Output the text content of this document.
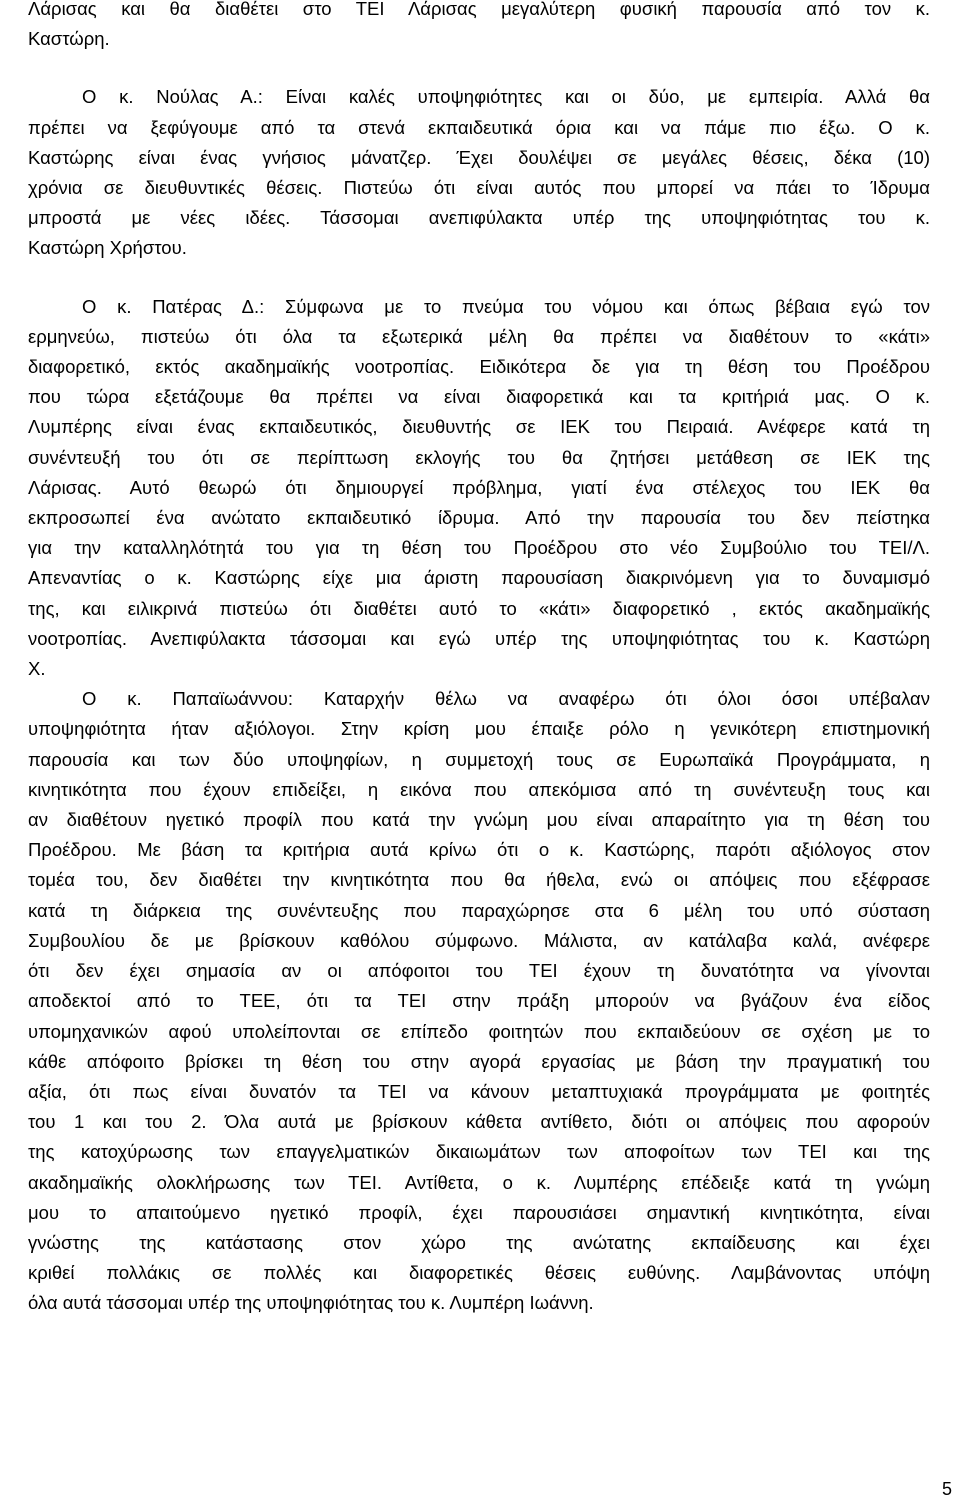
Λάρισας και θα διαθέτει στο ΤΕΙ Λάρισας μεγαλύτερη φυσική παρουσία από τον κ.
Καστώρη.

Ο κ. Νούλας Α.: Είναι καλές υποψηφιότητες και οι δύο, με εμπειρία. Αλλά θα
πρέπει να ξεφύγουμε από τα στενά εκπαιδευτικά όρια και να πάμε πιο έξω. Ο κ.
Καστώρης είναι ένας γνήσιος μάνατζερ. Έχει δουλέψει σε μεγάλες θέσεις, δέκα (10)
χρόνια σε διευθυντικές θέσεις. Πιστεύω ότι είναι αυτός που μπορεί να πάει το Ίδρυμα
μπροστά με νέες ιδέες. Τάσσομαι ανεπιφύλακτα υπέρ της υποψηφιότητας του κ.
Καστώρη Χρήστου.

Ο κ. Πατέρας Δ.: Σύμφωνα με το πνεύμα του νόμου και όπως βέβαια εγώ τον
ερμηνεύω, πιστεύω ότι όλα τα εξωτερικά μέλη θα πρέπει να διαθέτουν το «κάτι»
διαφορετικό, εκτός ακαδημαϊκής νοοτροπίας. Ειδικότερα δε για τη θέση του Προέδρου
που τώρα εξετάζουμε θα πρέπει να είναι διαφορετικά και τα κριτήριά μας. Ο κ.
Λυμπέρης είναι ένας εκπαιδευτικός, διευθυντής σε ΙΕΚ του Πειραιά. Ανέφερε κατά τη
συνέντευξή του ότι σε περίπτωση εκλογής του θα ζητήσει μετάθεση σε ΙΕΚ της
Λάρισας. Αυτό θεωρώ ότι δημιουργεί πρόβλημα, γιατί ένα στέλεχος του ΙΕΚ θα
εκπροσωπεί ένα ανώτατο εκπαιδευτικό ίδρυμα. Από την παρουσία του δεν πείστηκα
για την καταλληλότητά του για τη θέση του Προέδρου στο νέο Συμβούλιο του ΤΕΙ/Λ.
Απεναντίας ο κ. Καστώρης είχε μια άριστη παρουσίαση διακρινόμενη για το δυναμισμό
της, και ειλικρινά πιστεύω ότι διαθέτει αυτό το «κάτι» διαφορετικό , εκτός ακαδημαϊκής
νοοτροπίας. Ανεπιφύλακτα τάσσομαι και εγώ υπέρ της υποψηφιότητας του κ. Καστώρη
Χ.

Ο κ. Παπαϊωάννου: Καταρχήν θέλω να αναφέρω ότι όλοι όσοι υπέβαλαν
υποψηφιότητα ήταν αξιόλογοι. Στην κρίση μου έπαιξε ρόλο η γενικότερη επιστημονική
παρουσία και των δύο υποψηφίων, η συμμετοχή τους σε Ευρωπαϊκά Προγράμματα, η
κινητικότητα που έχουν επιδείξει, η εικόνα που απεκόμισα από τη συνέντευξη τους και
αν διαθέτουν ηγετικό προφίλ που κατά την γνώμη μου είναι απαραίτητο για τη θέση του
Προέδρου. Με βάση τα κριτήρια αυτά κρίνω ότι ο κ. Καστώρης, παρότι αξιόλογος στον
τομέα του, δεν διαθέτει την κινητικότητα που θα ήθελα, ενώ οι απόψεις που εξέφρασε
κατά τη διάρκεια της συνέντευξης που παραχώρησε στα 6 μέλη του υπό σύσταση
Συμβουλίου δε με βρίσκουν καθόλου σύμφωνο. Μάλιστα, αν κατάλαβα καλά, ανέφερε
ότι δεν έχει σημασία αν οι απόφοιτοι του ΤΕΙ έχουν τη δυνατότητα να γίνονται
αποδεκτοί από το ΤΕΕ, ότι τα ΤΕΙ στην πράξη μπορούν να βγάζουν ένα είδος
υπομηχανικών αφού υπολείπονται σε επίπεδο φοιτητών που εκπαιδεύουν σε σχέση με το
κάθε απόφοιτο βρίσκει τη θέση του στην αγορά εργασίας με βάση την πραγματική του
αξία, ότι πως είναι δυνατόν τα ΤΕΙ να κάνουν μεταπτυχιακά προγράμματα με φοιτητές
του 1 και του 2. Όλα αυτά με βρίσκουν κάθετα αντίθετο, διότι οι απόψεις που αφορούν
της κατοχύρωσης των επαγγελματικών δικαιωμάτων των αποφοίτων των ΤΕΙ και της
ακαδημαϊκής ολοκλήρωσης των ΤΕΙ. Αντίθετα, ο κ. Λυμπέρης επέδειξε κατά τη γνώμη
μου το απαιτούμενο ηγετικό προφίλ, έχει παρουσιάσει σημαντική κινητικότητα, είναι
γνώστης της κατάστασης στον χώρο της ανώτατης εκπαίδευσης και έχει
κριθεί πολλάκις σε πολλές και διαφορετικές θέσεις ευθύνης. Λαμβάνοντας υπόψη
όλα αυτά τάσσομαι υπέρ της υποψηφιότητας του κ. Λυμπέρη Ιωάννη.

5
